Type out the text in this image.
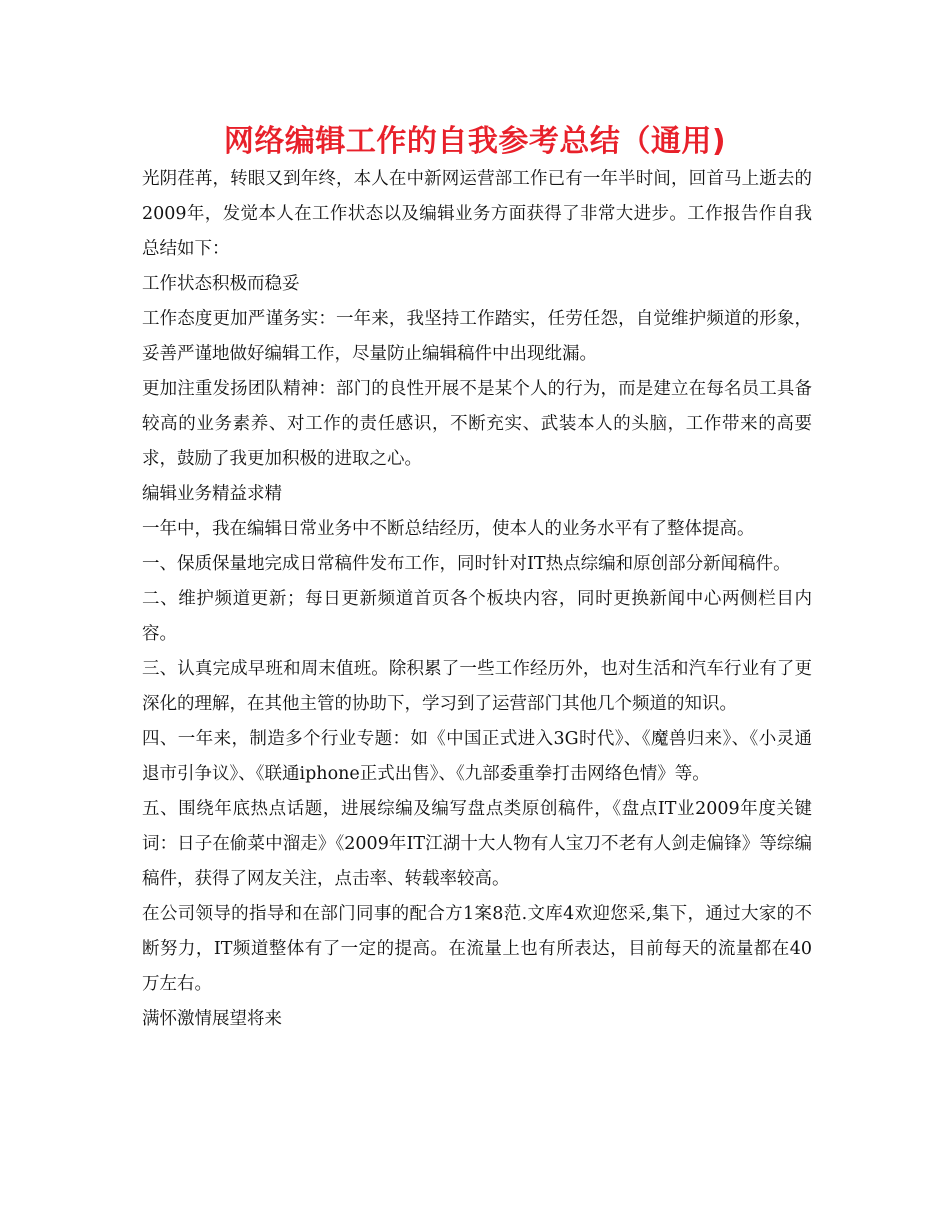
网络编辑工作的自我参考总结（通用)

光阴荏苒，转眼又到年终，本人在中新网运营部工作已有一年半时间，回首马上逝去的2009年，发觉本人在工作状态以及编辑业务方面获得了非常大进步。工作报告作自我总结如下：

工作状态积极而稳妥

工作态度更加严谨务实：一年来，我坚持工作踏实，任劳任怨，自觉维护频道的形象，妥善严谨地做好编辑工作，尽量防止编辑稿件中出现纰漏。

更加注重发扬团队精神：部门的良性开展不是某个人的行为，而是建立在每名员工具备较高的业务素养、对工作的责任感识，不断充实、武装本人的头脑，工作带来的高要求，鼓励了我更加积极的进取之心。

编辑业务精益求精

一年中，我在编辑日常业务中不断总结经历，使本人的业务水平有了整体提高。

一、保质保量地完成日常稿件发布工作，同时针对IT热点综编和原创部分新闻稿件。

二、维护频道更新；每日更新频道首页各个板块内容，同时更换新闻中心两侧栏目内容。

三、认真完成早班和周末值班。除积累了一些工作经历外，也对生活和汽车行业有了更深化的理解，在其他主管的协助下，学习到了运营部门其他几个频道的知识。

四、一年来，制造多个行业专题：如《中国正式进入3G时代》、《魔兽归来》、《小灵通退市引争议》、《联通iphone正式出售》、《九部委重拳打击网络色情》等。

五、围绕年底热点话题，进展综编及编写盘点类原创稿件，《盘点IT业2009年度关键词：日子在偷菜中溜走》《2009年IT江湖十大人物有人宝刀不老有人剑走偏锋》等综编稿件，获得了网友关注，点击率、转载率较高。

在公司领导的指导和在部门同事的配合方1案8范.文库4欢迎您采,集下，通过大家的不断努力，IT频道整体有了一定的提高。在流量上也有所表达，目前每天的流量都在40万左右。

满怀激情展望将来
